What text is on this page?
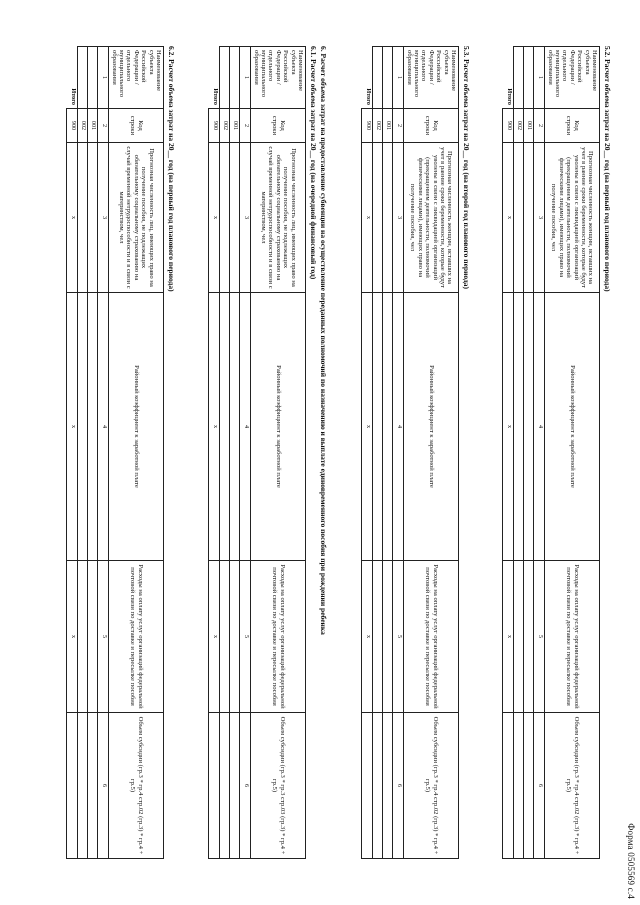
Форма 0505569 с.4
5.2. Расчет объема затрат на 20__ год (на первый год планового периода)
Наименование субъекта Российской Федерации / отдельного муниципального образования	Код строки	Прогнозная численность женщин, вставших на учет в ранние сроки беременности, которые будут уволены в связи с ликвидацией организаций (прекращением деятельности, полномочий физическими лицами), имеющих право на получение пособия, чел	Районный коэффициент к заработной плате	Расходы на оплату услуг организаций федеральной почтовой связи по доставке и пересылке пособия	Объем субсидии (гр.3 * гр.4 стр.02 (гр.3) * гр.4 + гр.5)
1	2	3	4	5	6
	001				
	002				
Итого	900	x	x	x	
5.3. Расчет объема затрат на 20__ год (на второй год планового периода)
Наименование субъекта Российской Федерации / отдельного муниципального образования	Код строки	Прогнозная численность женщин, вставших на учет в ранние сроки беременности, которые будут уволены в связи с ликвидацией организаций (прекращением деятельности, полномочий физическими лицами), имеющих право на получение пособия, чел	Районный коэффициент к заработной плате	Расходы на оплату услуг организаций федеральной почтовой связи по доставке и пересылке пособия	Объем субсидии (гр.3 * гр.4 стр.02 (гр.3) * гр.4 + гр.5)
1	2	3	4	5	6
	001				
	002				
Итого	900	x	x	x	
6. Расчет объема затрат на предоставление субвенции на осуществление переданных полномочий по назначению и выплате единовременного пособия при рождении ребенка
6.1. Расчет объема затрат на 20__ год (на очередной финансовый год)
Наименование субъекта Российской Федерации / отдельного муниципального образования	Код строки	Прогнозная численность лиц, имеющих право на получение пособия, не подлежащих обязательному социальному страхованию на случай временной нетрудоспособности и в связи с материнством, чел	Районный коэффициент к заработной плате	Расходы на оплату услуг организаций федеральной почтовой связи по доставке и пересылке пособия	Объем субсидии (гр.3 * гр.3 стр.03 (гр.3) * гр.4 + гр.5)
1	2	3	4	5	6
	001				
	002				
Итого	900	x	x	x	
6.2. Расчет объема затрат на 20__ год (на первый год планового периода)
Наименование субъекта Российской Федерации / отдельного муниципального образования	Код строки	Прогнозная численность лиц, имеющих право на получение пособия, не подлежащих обязательному социальному страхованию на случай временной нетрудоспособности и в связи с материнством, чел	Районный коэффициент к заработной плате	Расходы на оплату услуг организаций федеральной почтовой связи по доставке и пересылке пособия	Объем субсидии (гр.3 * гр.4 стр.02 (гр.3) * гр.4 + гр.5)
1	2	3	4	5	6
	001				
	002				
Итого	900	x	x	x	
